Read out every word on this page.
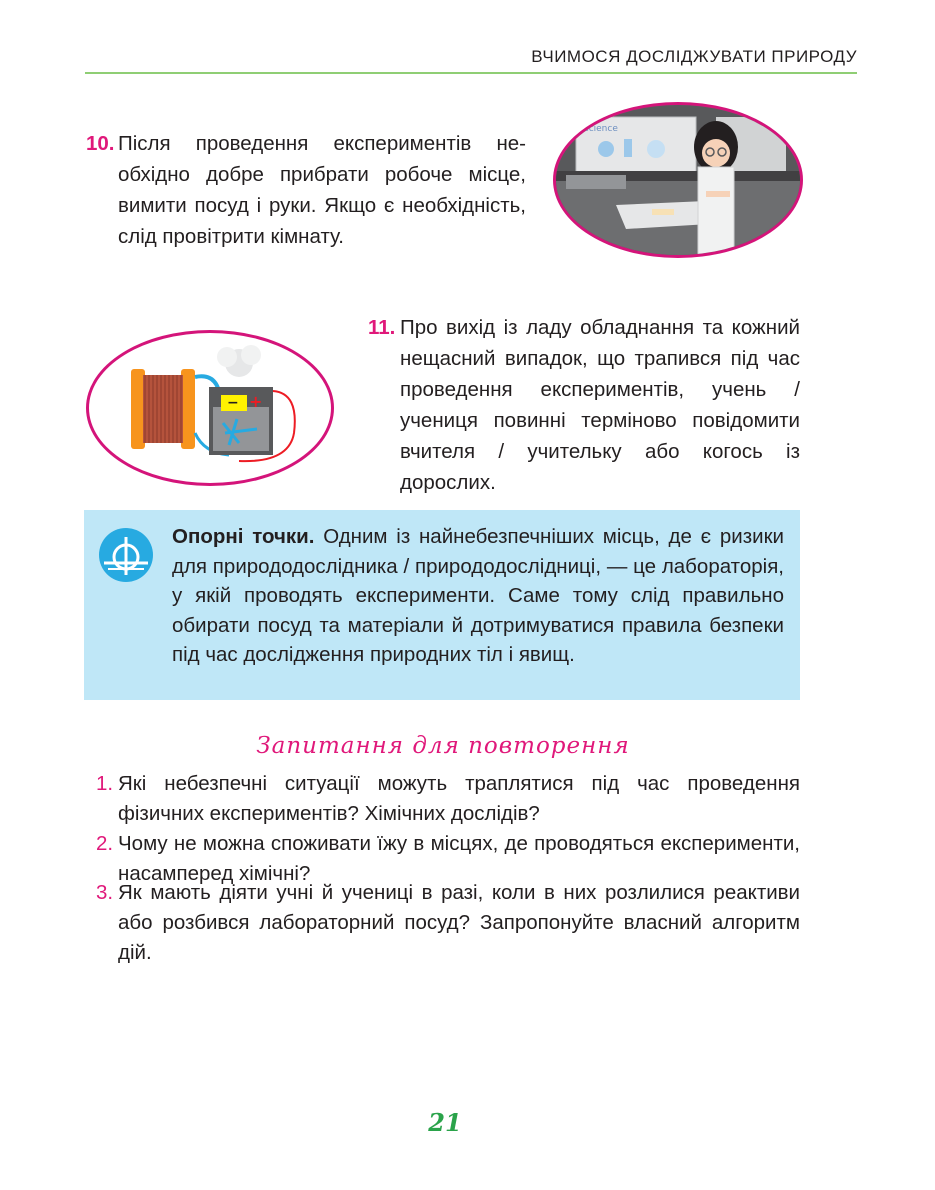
ВЧИМОСЯ ДОСЛІДЖУВАТИ ПРИРОДУ
10. Після проведення експериментів необхідно добре прибрати робоче місце, вимити посуд і руки. Якщо є необхідність, слід провітрити кімнату.
science
− +
11. Про вихід із ладу обладнання та кожний нещасний випадок, що трапився під час проведення експериментів, учень / учениця повинні терміново повідомити вчителя / учительку або когось із дорослих.
Опорні точки. Одним із найнебезпечніших місць, де є ризики для природодослідника / природодослідниці, — це лабораторія, у якій проводять експерименти. Саме тому слід правильно обирати посуд та матеріали й дотримуватися правила безпеки під час дослідження природних тіл і явищ.
Запитання для повторення
1. Які небезпечні ситуації можуть траплятися під час проведення фізичних експериментів? Хімічних дослідів?
2. Чому не можна споживати їжу в місцях, де проводяться експерименти, насамперед хімічні?
3. Як мають діяти учні й учениці в разі, коли в них розлилися реактиви або розбився лабораторний посуд? Запропонуйте власний алгоритм дій.
21
